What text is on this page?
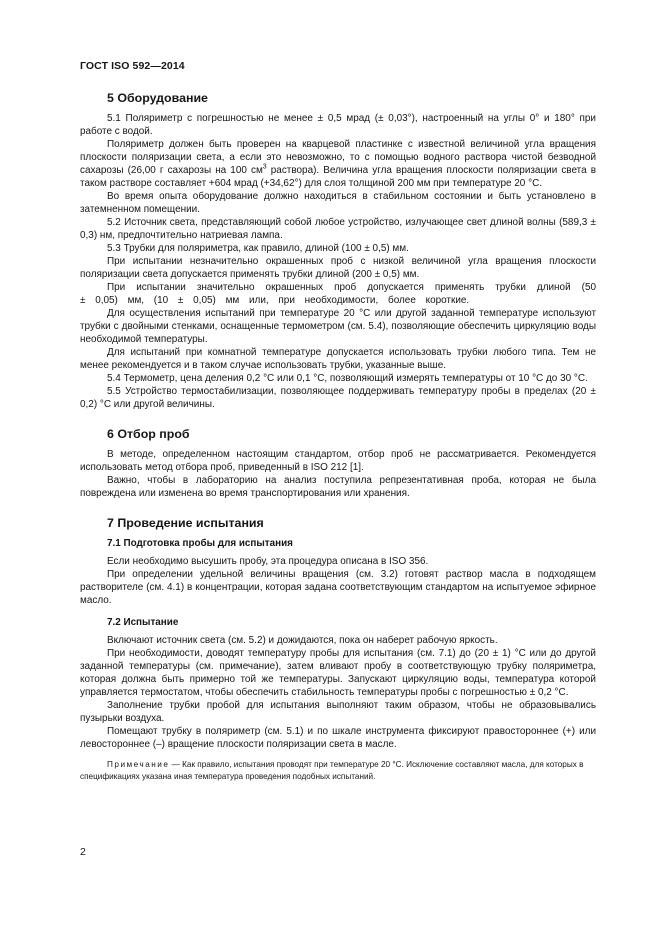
ГОСТ ISO 592—2014
5 Оборудование

5.1 Поляриметр с погрешностью не менее ± 0,5 мрад (± 0,03°), настроенный на углы 0° и 180° при работе с водой.

Поляриметр должен быть проверен на кварцевой пластинке с известной величиной угла вращения плоскости поляризации света, а если это невозможно, то с помощью водного раствора чистой безводной сахарозы (26,00 г сахарозы на 100 $см^3$ раствора). Величина угла вращения плоскости поляризации света в таком растворе составляет +604 мрад (+34,62°) для слоя толщиной 200 мм при температуре 20 °С.

Во время опыта оборудование должно находиться в стабильном состоянии и быть установлено в затемненном помещении.

5.2 Источник света, представляющий собой любое устройство, излучающее свет длиной волны (589,3 ± 0,3) нм, предпочтительно натриевая лампа.

5.3 Трубки для поляриметра, как правило, длиной (100 ± 0,5) мм.

При испытании незначительно окрашенных проб с низкой величиной угла вращения плоскости поляризации света допускается применять трубки длиной (200 ± 0,5) мм.

При испытании значительно окрашенных проб допускается применять трубки длиной (50 ± 0,05) мм, (10 ± 0,05) мм или, при необходимости, более короткие.

Для осуществления испытаний при температуре 20 °С или другой заданной температуре используют трубки с двойными стенками, оснащенные термометром (см. 5.4), позволяющие обеспечить циркуляцию воды необходимой температуры.

Для испытаний при комнатной температуре допускается использовать трубки любого типа. Тем не менее рекомендуется и в таком случае использовать трубки, указанные выше.

5.4 Термометр, цена деления 0,2 °С или 0,1 °С, позволяющий измерять температуры от 10 °С до 30 °С.

5.5 Устройство термостабилизации, позволяющее поддерживать температуру пробы в пределах (20 ± 0,2) °С или другой величины.

6 Отбор проб

В методе, определенном настоящим стандартом, отбор проб не рассматривается. Рекомендуется использовать метод отбора проб, приведенный в ISO 212 [1].

Важно, чтобы в лабораторию на анализ поступила репрезентативная проба, которая не была повреждена или изменена во время транспортирования или хранения.

7 Проведение испытания
7.1 Подготовка пробы для испытания

Если необходимо высушить пробу, эта процедура описана в ISO 356.

При определении удельной величины вращения (см. 3.2) готовят раствор масла в подходящем растворителе (см. 4.1) в концентрации, которая задана соответствующим стандартом на испытуемое эфирное масло.

7.2 Испытание

Включают источник света (см. 5.2) и дожидаются, пока он наберет рабочую яркость.

При необходимости, доводят температуру пробы для испытания (см. 7.1) до (20 ± 1) °С или до другой заданной температуры (см. примечание), затем вливают пробу в соответствующую трубку поляриметра, которая должна быть примерно той же температуры. Запускают циркуляцию воды, температура которой управляется термостатом, чтобы обеспечить стабильность температуры пробы с погрешностью ± 0,2 °С.

Заполнение трубки пробой для испытания выполняют таким образом, чтобы не образовывались пузырьки воздуха.

Помещают трубку в поляриметр (см. 5.1) и по шкале инструмента фиксируют правостороннее (+) или левостороннее (–) вращение плоскости поляризации света в масле.

Примечание — Как правило, испытания проводят при температуре 20 °С. Исключение составляют масла, для которых в спецификациях указана иная температура проведения подобных испытаний.

2
